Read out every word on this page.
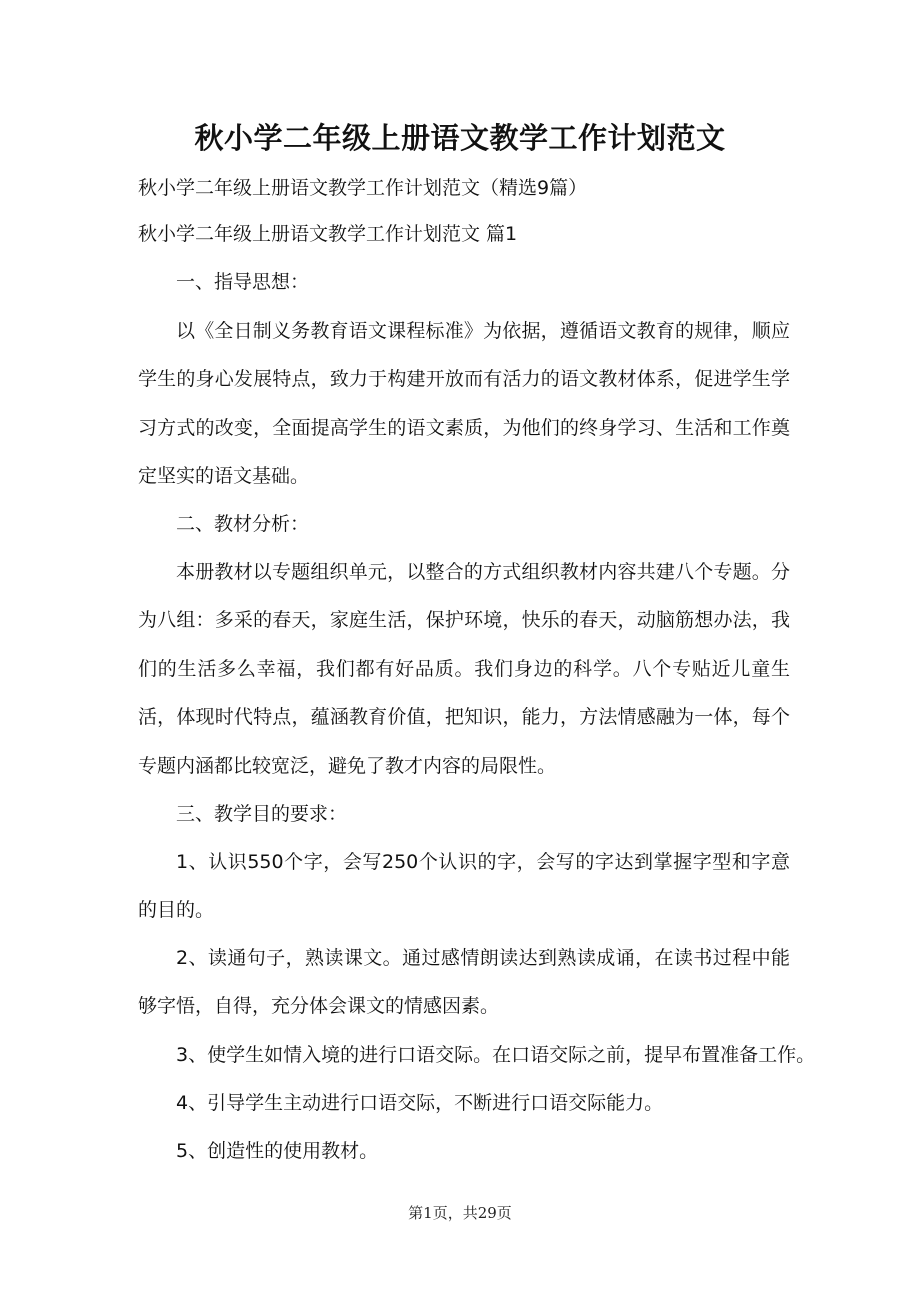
秋小学二年级上册语文教学工作计划范文

秋小学二年级上册语文教学工作计划范文（精选9篇）

秋小学二年级上册语文教学工作计划范文 篇1

一、指导思想：

以《全日制义务教育语文课程标准》为依据，遵循语文教育的规律，顺应学生的身心发展特点，致力于构建开放而有活力的语文教材体系，促进学生学习方式的改变，全面提高学生的语文素质，为他们的终身学习、生活和工作奠定坚实的语文基础。

二、教材分析：

本册教材以专题组织单元，以整合的方式组织教材内容共建八个专题。分为八组：多采的春天，家庭生活，保护环境，快乐的春天，动脑筋想办法，我们的生活多么幸福，我们都有好品质。我们身边的科学。八个专贴近儿童生活，体现时代特点，蕴涵教育价值，把知识，能力，方法情感融为一体，每个专题内涵都比较宽泛，避免了教才内容的局限性。

三、教学目的要求：

1、认识550个字，会写250个认识的字，会写的字达到掌握字型和字意的目的。

2、读通句子，熟读课文。通过感情朗读达到熟读成诵，在读书过程中能够字悟，自得，充分体会课文的情感因素。

3、使学生如情入境的进行口语交际。在口语交际之前，提早布置准备工作。

4、引导学生主动进行口语交际，不断进行口语交际能力。

5、创造性的使用教材。

第1页，共29页
